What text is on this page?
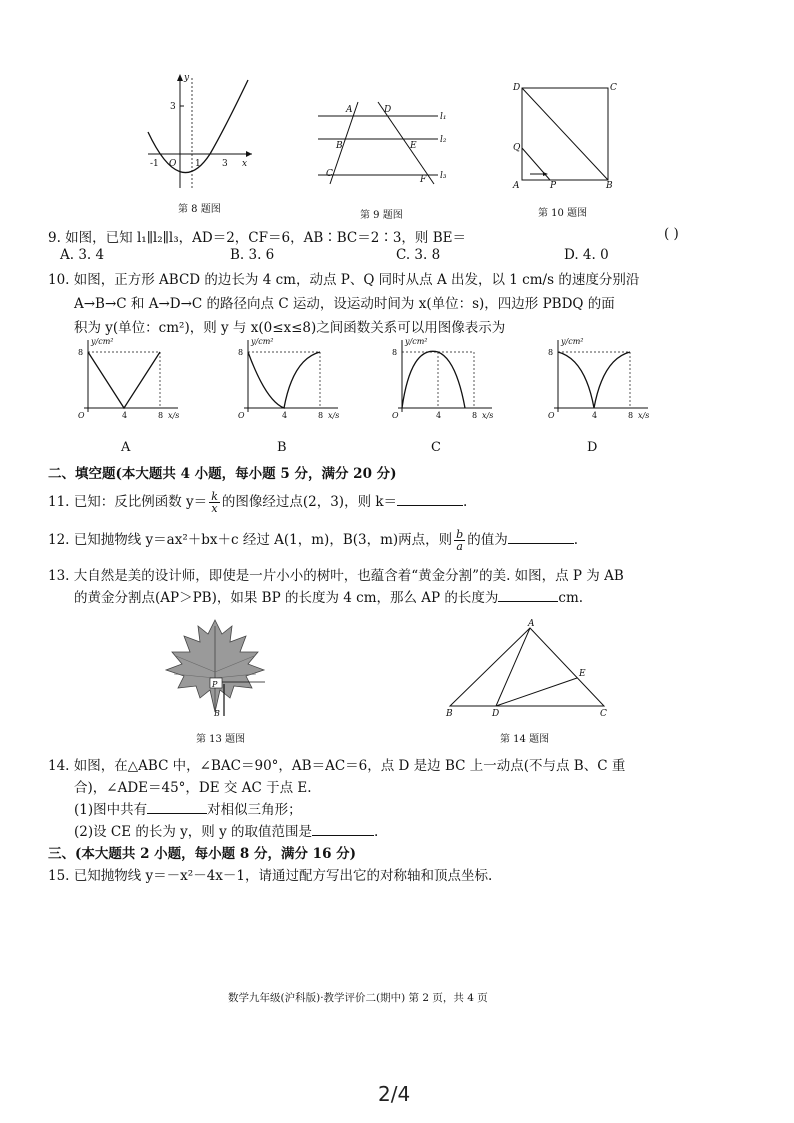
y
3
-1 O 1 3 x
第 8 题图
A	D
B	E
C
F
l₁
l₂
l₃
第 9 题图
D	C
Q
A	P	B
第 10 题图
9. 如图，已知 l₁∥l₂∥l₃，AD＝2，CF＝6，AB∶BC＝2∶3，则 BE＝	( )
A. 3. 4	B. 3. 6	C. 3. 8	D. 4. 0
10. 如图，正方形 ABCD 的边长为 4 cm，动点 P、Q 同时从点 A 出发，以 1 cm/s 的速度分别沿
A→B→C 和 A→D→C 的路径向点 C 运动，设运动时间为 x(单位：s)，四边形 PBDQ 的面
积为 y(单位：cm²)，则 y 与 x(0≤x≤8)之间函数关系可以用图像表示为
y/cm²
8
O	4	8 x/s
y/cm²
8
O	4	8 x/s
y/cm²
8
O	4	8 x/s
y/cm²
8
O	4	8 x/s
A	B	C	D
二、填空题(本大题共 4 小题，每小题 5 分，满分 20 分)
11. 已知：反比例函数 $y= \frac{k}{x}$ 的图像经过点(2，3)，则 k＝	.
12. 已知抛物线 y＝ax²＋bx＋c 经过 A(1，m)，B(3，m)两点，则 $\frac{b}{a}$ 的值为	.
13. 大自然是美的设计师，即使是一片小小的树叶，也蕴含着“黄金分割”的美. 如图，点 P 为 AB
的黄金分割点(AP＞PB)，如果 BP 的长度为 4 cm，那么 AP 的长度为	cm.
P
B
第 13 题图
A
E
B	D	C
第 14 题图
14. 如图，在△ABC 中，∠BAC＝90°，AB＝AC＝6，点 D 是边 BC 上一动点(不与点 B、C 重
合)，∠ADE＝45°，DE 交 AC 于点 E.
(1)图中共有	对相似三角形；
(2)设 CE 的长为 y，则 y 的取值范围是	.
三、(本大题共 2 小题，每小题 8 分，满分 16 分)
15. 已知抛物线 y＝－x²－4x－1，请通过配方写出它的对称轴和顶点坐标.
数学九年级(沪科版)·教学评价二(期中) 第 2 页，共 4 页
2/4
